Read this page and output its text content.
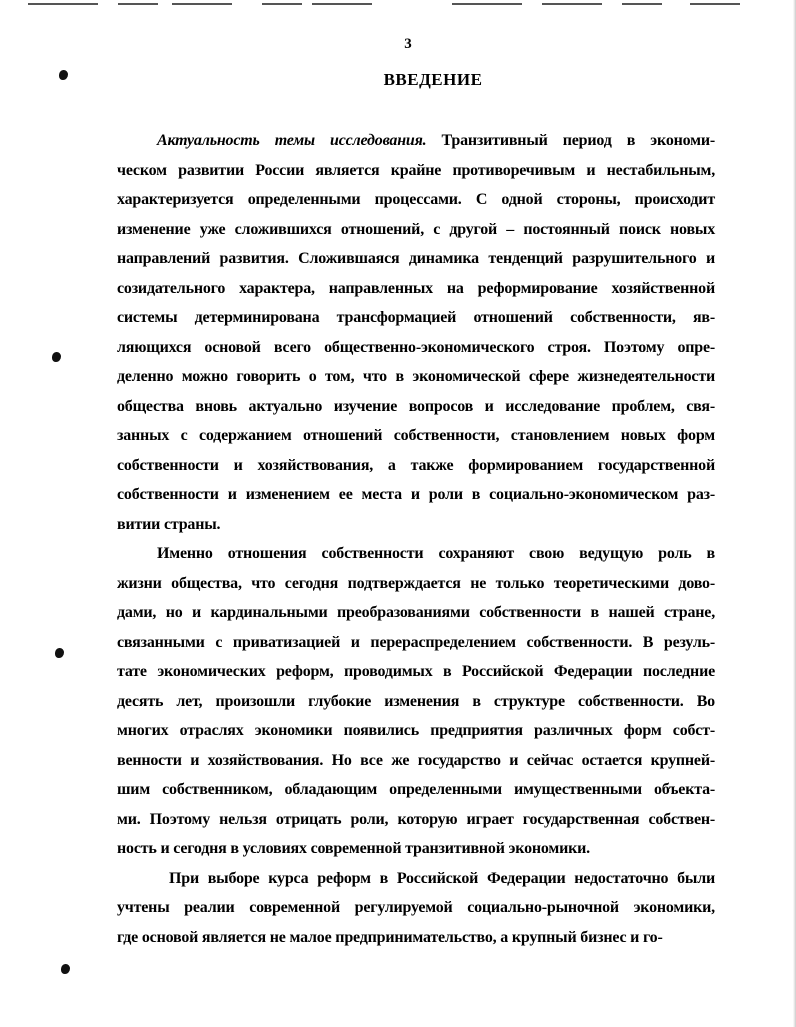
3
ВВЕДЕНИЕ
Актуальность темы исследования. Транзитивный период в экономи-
ческом развитии России является крайне противоречивым и нестабильным,
характеризуется определенными процессами. С одной стороны, происходит
изменение уже сложившихся отношений, с другой – постоянный поиск новых
направлений развития. Сложившаяся динамика тенденций разрушительного и
созидательного характера, направленных на реформирование хозяйственной
системы детерминирована трансформацией отношений собственности, яв-
ляющихся основой всего общественно-экономического строя. Поэтому опре-
деленно можно говорить о том, что в экономической сфере жизнедеятельности
общества вновь актуально изучение вопросов и исследование проблем, свя-
занных с содержанием отношений собственности, становлением новых форм
собственности и хозяйствования, а также формированием государственной
собственности и изменением ее места и роли в социально-экономическом раз-
витии страны.
Именно отношения собственности сохраняют свою ведущую роль в
жизни общества, что сегодня подтверждается не только теоретическими дово-
дами, но и кардинальными преобразованиями собственности в нашей стране,
связанными с приватизацией и перераспределением собственности. В резуль-
тате экономических реформ, проводимых в Российской Федерации последние
десять лет, произошли глубокие изменения в структуре собственности. Во
многих отраслях экономики появились предприятия различных форм собст-
венности и хозяйствования. Но все же государство и сейчас остается крупней-
шим собственником, обладающим определенными имущественными объекта-
ми. Поэтому нельзя отрицать роли, которую играет государственная собствен-
ность и сегодня в условиях современной транзитивной экономики.
При выборе курса реформ в Российской Федерации недостаточно были
учтены реалии современной регулируемой социально-рыночной экономики,
где основой является не малое предпринимательство, а крупный бизнес и го-
